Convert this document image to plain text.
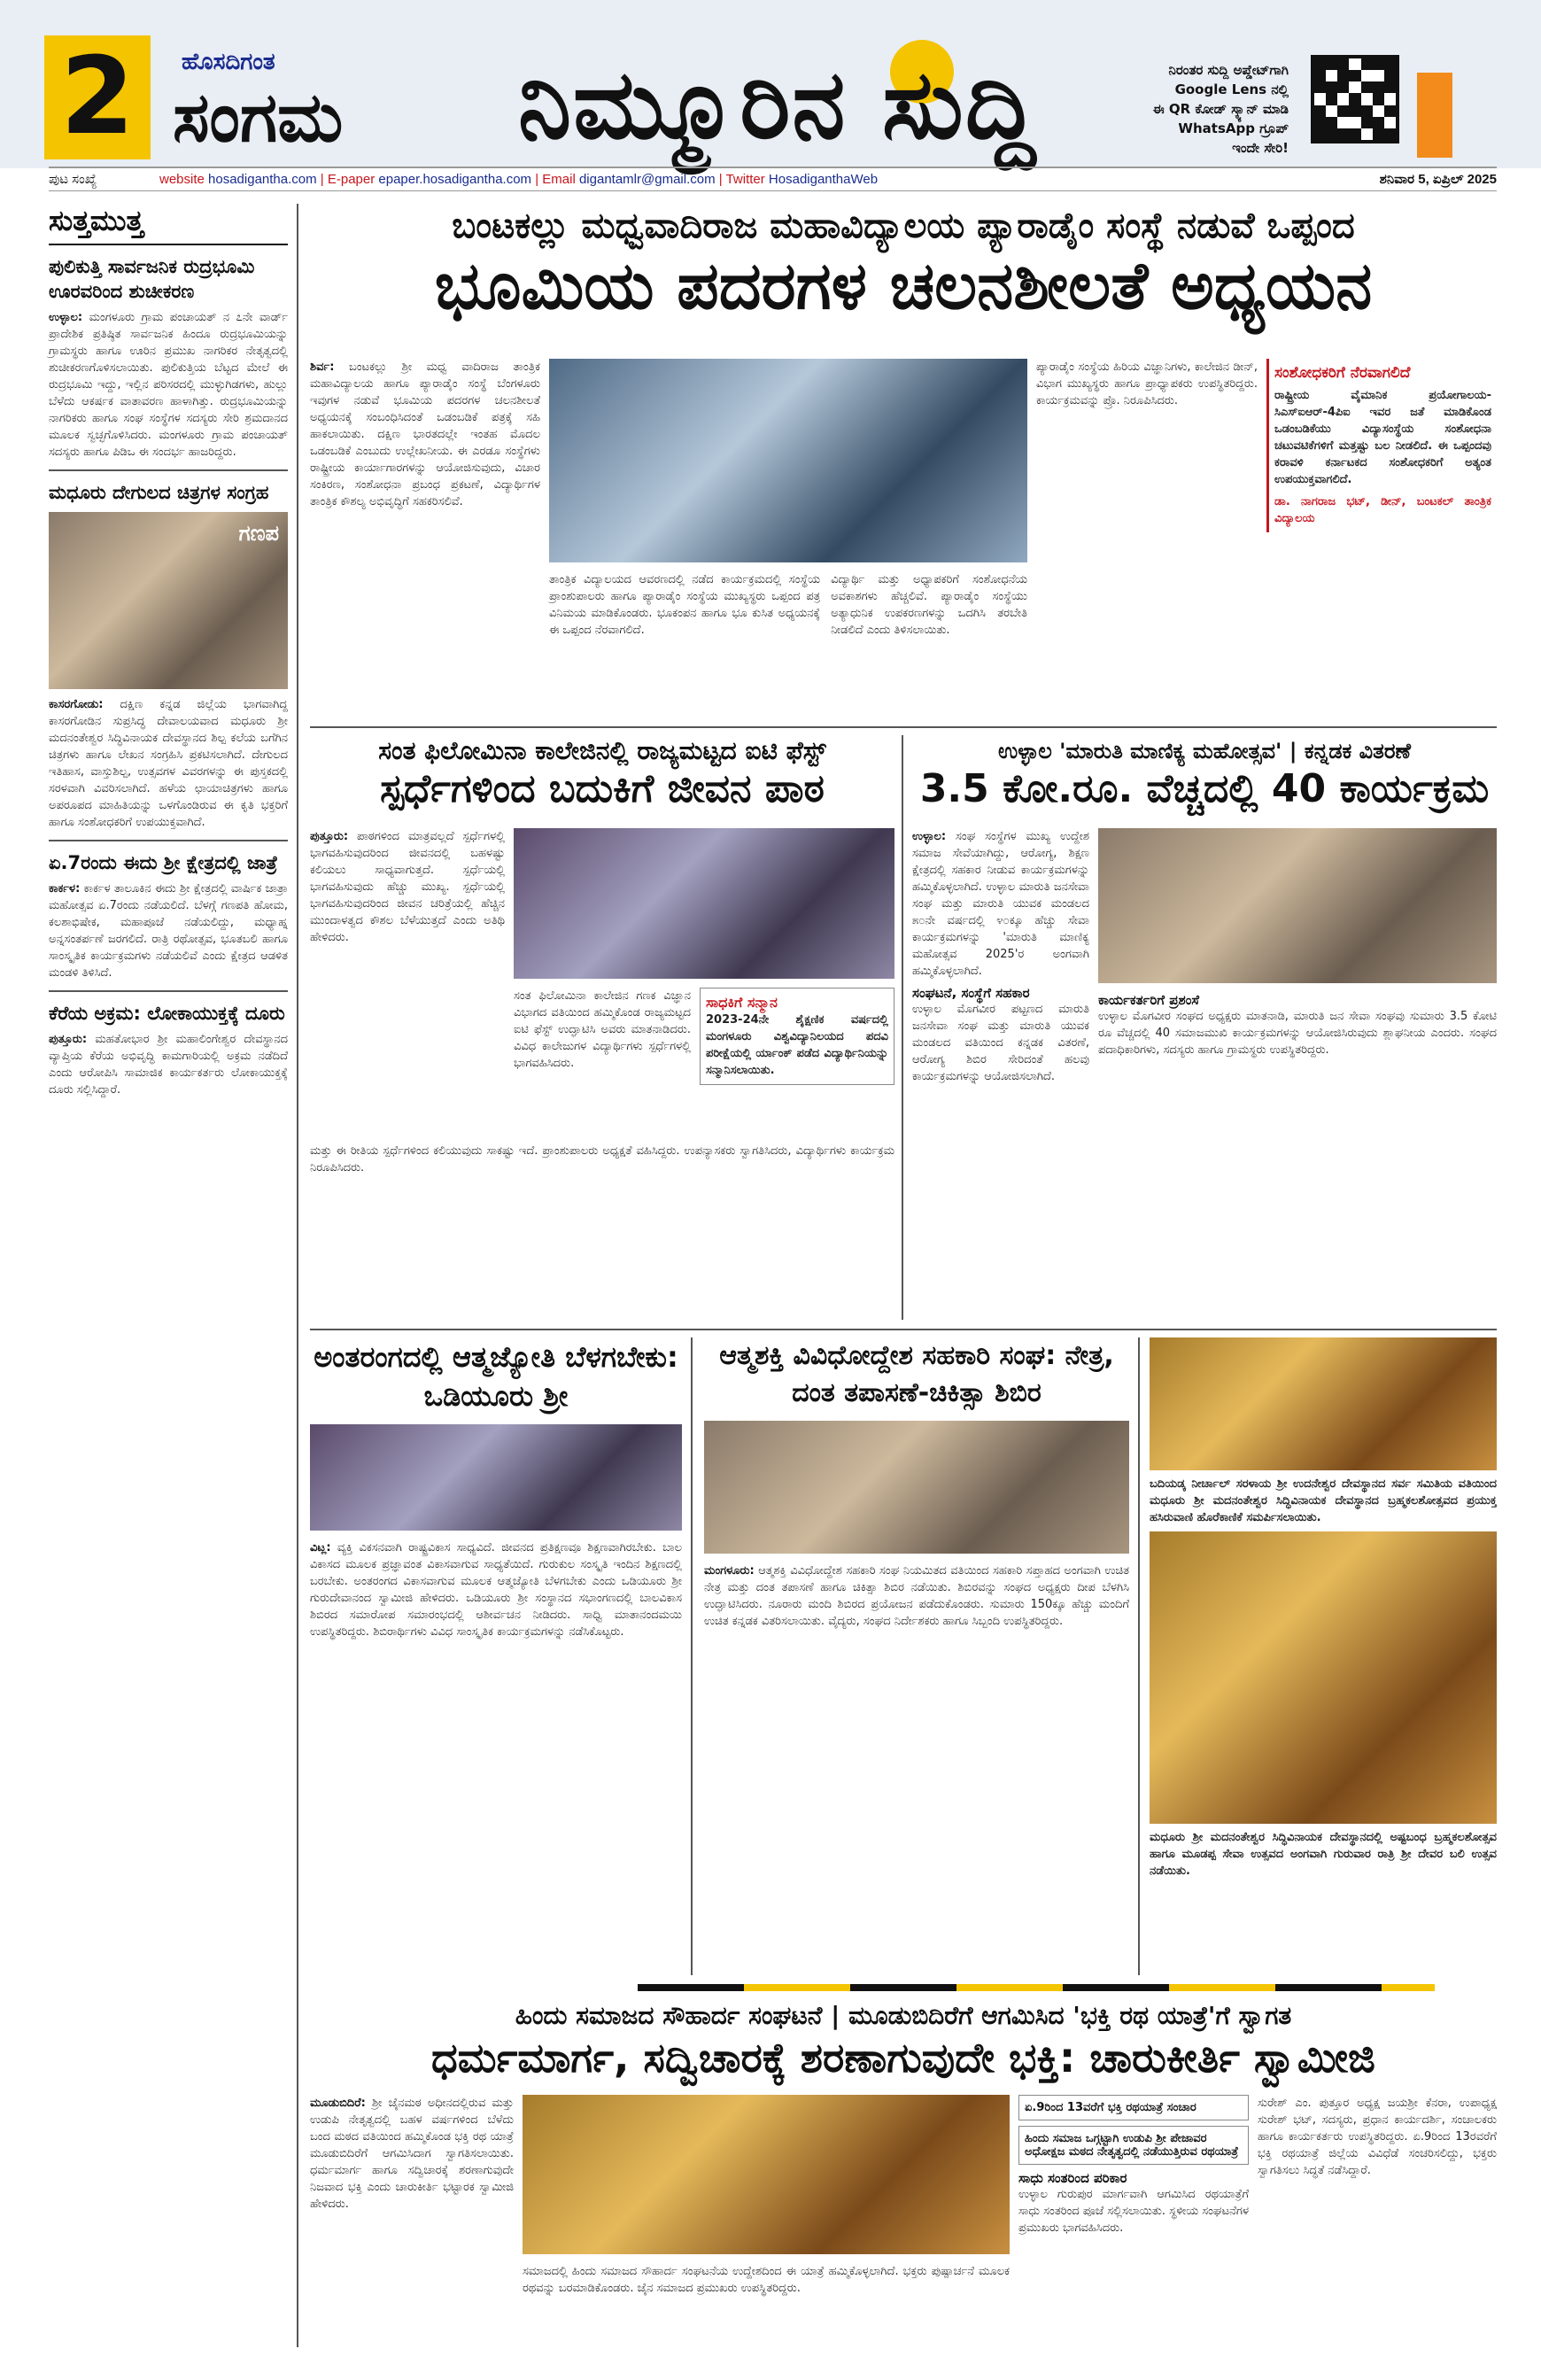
2	ಹೊಸದಿಗಂತ
ಸಂಗಮ ನಿಮ್ಮೂರಿನ ಸುದ್ದಿ	ನಿರಂತರ ಸುದ್ದಿ ಅಪ್ಡೇಟ್‌ಗಾಗಿ
Google Lens ನಲ್ಲಿ
ಈ QR ಕೋಡ್ ಸ್ಕ್ಯಾನ್ ಮಾಡಿ
WhatsApp ಗ್ರೂಪ್ ಇಂದೇ ಸೇರಿ!
ಪುಟ ಸಂಖ್ಯೆ	website hosadigantha.com | E-paper epaper.hosadigantha.com | Email digantamlr@gmail.com | Twitter HosadiganthaWeb	ಶನಿವಾರ 5, ಏಪ್ರಿಲ್ 2025
ಸುತ್ತಮುತ್ತ
ಪುಲಿಕುತ್ತಿ ಸಾರ್ವಜನಿಕ ರುದ್ರಭೂಮಿ ಊರವರಿಂದ ಶುಚೀಕರಣ

ಉಳ್ಳಾಲ: ಮಂಗಳೂರು ಗ್ರಾಮ ಪಂಚಾಯತ್ ನ ೭ನೇ ವಾರ್ಡ್ ಪ್ರಾದೇಶಿಕ ಪ್ರತಿಷ್ಠಿತ ಸಾರ್ವಜನಿಕ ಹಿಂದೂ ರುದ್ರಭೂಮಿಯನ್ನು ಗ್ರಾಮಸ್ಥರು ಹಾಗೂ ಊರಿನ ಪ್ರಮುಖ ನಾಗರಿಕರ ನೇತೃತ್ವದಲ್ಲಿ ಶುಚೀಕರಣಗೊಳಿಸಲಾಯಿತು. ಪುಲಿಕುತ್ತಿಯ ಬೆಟ್ಟದ ಮೇಲೆ ಈ ರುದ್ರಭೂಮಿ ಇದ್ದು, ಇಲ್ಲಿನ ಪರಿಸರದಲ್ಲಿ ಮುಳ್ಳುಗಿಡಗಳು, ಹುಲ್ಲು ಬೆಳೆದು ಆಕರ್ಷಕ ವಾತಾವರಣ ಹಾಳಾಗಿತ್ತು. ರುದ್ರಭೂಮಿಯನ್ನು ನಾಗರಿಕರು ಹಾಗೂ ಸಂಘ ಸಂಸ್ಥೆಗಳ ಸದಸ್ಯರು ಸೇರಿ ಶ್ರಮದಾನದ ಮೂಲಕ ಸ್ವಚ್ಛಗೊಳಿಸಿದರು. ಮಂಗಳೂರು ಗ್ರಾಮ ಪಂಚಾಯತ್ ಸದಸ್ಯರು ಹಾಗೂ ಪಿಡಿಒ ಈ ಸಂದರ್ಭ ಹಾಜರಿದ್ದರು.

ಮಧೂರು ದೇಗುಲದ ಚಿತ್ರಗಳ ಸಂಗ್ರಹ
ಗಣಪ

ಕಾಸರಗೋಡು: ದಕ್ಷಿಣ ಕನ್ನಡ ಜಿಲ್ಲೆಯ ಭಾಗವಾಗಿದ್ದ ಕಾಸರಗೋಡಿನ ಸುಪ್ರಸಿದ್ಧ ದೇವಾಲಯವಾದ ಮಧೂರು ಶ್ರೀ ಮದನಂತೇಶ್ವರ ಸಿದ್ಧಿವಿನಾಯಕ ದೇವಸ್ಥಾನದ ಶಿಲ್ಪ ಕಲೆಯ ಬಗೆಗಿನ ಚಿತ್ರಗಳು ಹಾಗೂ ಲೇಖನ ಸಂಗ್ರಹಿಸಿ ಪ್ರಕಟಿಸಲಾಗಿದೆ. ದೇಗುಲದ ಇತಿಹಾಸ, ವಾಸ್ತುಶಿಲ್ಪ, ಉತ್ಸವಗಳ ವಿವರಗಳನ್ನು ಈ ಪುಸ್ತಕದಲ್ಲಿ ಸರಳವಾಗಿ ವಿವರಿಸಲಾಗಿದೆ. ಹಳೆಯ ಛಾಯಾಚಿತ್ರಗಳು ಹಾಗೂ ಅಪರೂಪದ ಮಾಹಿತಿಯನ್ನು ಒಳಗೊಂಡಿರುವ ಈ ಕೃತಿ ಭಕ್ತರಿಗೆ ಹಾಗೂ ಸಂಶೋಧಕರಿಗೆ ಉಪಯುಕ್ತವಾಗಿದೆ.

ಏ.7ರಂದು ಈದು ಶ್ರೀ ಕ್ಷೇತ್ರದಲ್ಲಿ ಜಾತ್ರೆ

ಕಾರ್ಕಳ: ಕಾರ್ಕಳ ತಾಲೂಕಿನ ಈದು ಶ್ರೀ ಕ್ಷೇತ್ರದಲ್ಲಿ ವಾರ್ಷಿಕ ಜಾತ್ರಾ ಮಹೋತ್ಸವ ಏ.7ರಂದು ನಡೆಯಲಿದೆ. ಬೆಳಗ್ಗೆ ಗಣಪತಿ ಹೋಮ, ಕಲಶಾಭಿಷೇಕ, ಮಹಾಪೂಜೆ ನಡೆಯಲಿದ್ದು, ಮಧ್ಯಾಹ್ನ ಅನ್ನಸಂತರ್ಪಣೆ ಜರಗಲಿದೆ. ರಾತ್ರಿ ರಥೋತ್ಸವ, ಭೂತಬಲಿ ಹಾಗೂ ಸಾಂಸ್ಕೃತಿಕ ಕಾರ್ಯಕ್ರಮಗಳು ನಡೆಯಲಿವೆ ಎಂದು ಕ್ಷೇತ್ರದ ಆಡಳಿತ ಮಂಡಳಿ ತಿಳಿಸಿದೆ.

ಕೆರೆಯ ಅಕ್ರಮ: ಲೋಕಾಯುಕ್ತಕ್ಕೆ ದೂರು

ಪುತ್ತೂರು: ಮಹತೋಭಾರ ಶ್ರೀ ಮಹಾಲಿಂಗೇಶ್ವರ ದೇವಸ್ಥಾನದ ವ್ಯಾಪ್ತಿಯ ಕೆರೆಯ ಅಭಿವೃದ್ಧಿ ಕಾಮಗಾರಿಯಲ್ಲಿ ಅಕ್ರಮ ನಡೆದಿದೆ ಎಂದು ಆರೋಪಿಸಿ ಸಾಮಾಜಿಕ ಕಾರ್ಯಕರ್ತರು ಲೋಕಾಯುಕ್ತಕ್ಕೆ ದೂರು ಸಲ್ಲಿಸಿದ್ದಾರೆ.

ಬಂಟಕಲ್ಲು ಮಧ್ವವಾದಿರಾಜ ಮಹಾವಿದ್ಯಾಲಯ ಪ್ಯಾರಾಡೈಂ ಸಂಸ್ಥೆ ನಡುವೆ ಒಪ್ಪಂದ
ಭೂಮಿಯ ಪದರಗಳ ಚಲನಶೀಲತೆ ಅಧ್ಯಯನ

ಶಿರ್ವ: ಬಂಟಕಲ್ಲು ಶ್ರೀ ಮಧ್ವ ವಾದಿರಾಜ ತಾಂತ್ರಿಕ ಮಹಾವಿದ್ಯಾಲಯ ಹಾಗೂ ಪ್ಯಾರಾಡೈಂ ಸಂಸ್ಥೆ ಬೆಂಗಳೂರು ಇವುಗಳ ನಡುವೆ ಭೂಮಿಯ ಪದರಗಳ ಚಲನಶೀಲತೆ ಅಧ್ಯಯನಕ್ಕೆ ಸಂಬಂಧಿಸಿದಂತೆ ಒಡಂಬಡಿಕೆ ಪತ್ರಕ್ಕೆ ಸಹಿ ಹಾಕಲಾಯಿತು. ದಕ್ಷಿಣ ಭಾರತದಲ್ಲೇ ಇಂತಹ ಮೊದಲ ಒಡಂಬಡಿಕೆ ಎಂಬುದು ಉಲ್ಲೇಖನೀಯ. ಈ ಎರಡೂ ಸಂಸ್ಥೆಗಳು ರಾಷ್ಟ್ರೀಯ ಕಾರ್ಯಾಗಾರಗಳನ್ನು ಆಯೋಜಿಸುವುದು, ವಿಚಾರ ಸಂಕಿರಣ, ಸಂಶೋಧನಾ ಪ್ರಬಂಧ ಪ್ರಕಟಣೆ, ವಿದ್ಯಾರ್ಥಿಗಳ ತಾಂತ್ರಿಕ ಕೌಶಲ್ಯ ಅಭಿವೃದ್ಧಿಗೆ ಸಹಕರಿಸಲಿವೆ.

ತಾಂತ್ರಿಕ ವಿದ್ಯಾಲಯದ ಆವರಣದಲ್ಲಿ ನಡೆದ ಕಾರ್ಯಕ್ರಮದಲ್ಲಿ ಸಂಸ್ಥೆಯ ಪ್ರಾಂಶುಪಾಲರು ಹಾಗೂ ಪ್ಯಾರಾಡೈಂ ಸಂಸ್ಥೆಯ ಮುಖ್ಯಸ್ಥರು ಒಪ್ಪಂದ ಪತ್ರ ವಿನಿಮಯ ಮಾಡಿಕೊಂಡರು. ಭೂಕಂಪನ ಹಾಗೂ ಭೂ ಕುಸಿತ ಅಧ್ಯಯನಕ್ಕೆ ಈ ಒಪ್ಪಂದ ನೆರವಾಗಲಿದೆ.

ವಿದ್ಯಾರ್ಥಿ ಮತ್ತು ಅಧ್ಯಾಪಕರಿಗೆ ಸಂಶೋಧನೆಯ ಅವಕಾಶಗಳು ಹೆಚ್ಚಲಿವೆ. ಪ್ಯಾರಾಡೈಂ ಸಂಸ್ಥೆಯು ಅತ್ಯಾಧುನಿಕ ಉಪಕರಣಗಳನ್ನು ಒದಗಿಸಿ ತರಬೇತಿ ನೀಡಲಿದೆ ಎಂದು ತಿಳಿಸಲಾಯಿತು.

ಪ್ಯಾರಾಡೈಂ ಸಂಸ್ಥೆಯ ಹಿರಿಯ ವಿಜ್ಞಾನಿಗಳು, ಕಾಲೇಜಿನ ಡೀನ್, ವಿಭಾಗ ಮುಖ್ಯಸ್ಥರು ಹಾಗೂ ಪ್ರಾಧ್ಯಾಪಕರು ಉಪಸ್ಥಿತರಿದ್ದರು. ಕಾರ್ಯಕ್ರಮವನ್ನು ಪ್ರೊ. ನಿರೂಪಿಸಿದರು.

ಸಂಶೋಧಕರಿಗೆ ನೆರವಾಗಲಿದೆ

ರಾಷ್ಟ್ರೀಯ ವೈಮಾನಿಕ ಪ್ರಯೋಗಾಲಯ-ಸಿಎಸ್‌ಐಆರ್-4ಪಿಐ ಇವರ ಜತೆ ಮಾಡಿಕೊಂಡ ಒಡಂಬಡಿಕೆಯು ವಿದ್ಯಾಸಂಸ್ಥೆಯ ಸಂಶೋಧನಾ ಚಟುವಟಿಕೆಗಳಿಗೆ ಮತ್ತಷ್ಟು ಬಲ ನೀಡಲಿದೆ. ಈ ಒಪ್ಪಂದವು ಕರಾವಳಿ ಕರ್ನಾಟಕದ ಸಂಶೋಧಕರಿಗೆ ಅತ್ಯಂತ ಉಪಯುಕ್ತವಾಗಲಿದೆ.

ಡಾ. ನಾಗರಾಜ ಭಟ್, ಡೀನ್, ಬಂಟಕಲ್ ತಾಂತ್ರಿಕ ವಿದ್ಯಾಲಯ

ಸಂತ ಫಿಲೋಮಿನಾ ಕಾಲೇಜಿನಲ್ಲಿ ರಾಜ್ಯಮಟ್ಟದ ಐಟಿ ಫೆಸ್ಟ್
ಸ್ಪರ್ಧೆಗಳಿಂದ ಬದುಕಿಗೆ ಜೀವನ ಪಾಠ

ಪುತ್ತೂರು: ಪಾಠಗಳಿಂದ ಮಾತ್ರವಲ್ಲದೆ ಸ್ಪರ್ಧೆಗಳಲ್ಲಿ ಭಾಗವಹಿಸುವುದರಿಂದ ಜೀವನದಲ್ಲಿ ಬಹಳಷ್ಟು ಕಲಿಯಲು ಸಾಧ್ಯವಾಗುತ್ತದೆ. ಸ್ಪರ್ಧೆಯಲ್ಲಿ ಭಾಗವಹಿಸುವುದು ಹೆಚ್ಚು ಮುಖ್ಯ. ಸ್ಪರ್ಧೆಯಲ್ಲಿ ಭಾಗವಹಿಸುವುದರಿಂದ ಜೀವನ ಚರಿತ್ರೆಯಲ್ಲಿ ಹೆಚ್ಚಿನ ಮುಂದಾಳತ್ವದ ಕೌಶಲ ಬೆಳೆಯುತ್ತದೆ ಎಂದು ಅತಿಥಿ ಹೇಳಿದರು.

ಸಂತ ಫಿಲೋಮಿನಾ ಕಾಲೇಜಿನ ಗಣಕ ವಿಜ್ಞಾನ ವಿಭಾಗದ ವತಿಯಿಂದ ಹಮ್ಮಿಕೊಂಡ ರಾಜ್ಯಮಟ್ಟದ ಐಟಿ ಫೆಸ್ಟ್ ಉದ್ಘಾಟಿಸಿ ಅವರು ಮಾತನಾಡಿದರು. ವಿವಿಧ ಕಾಲೇಜುಗಳ ವಿದ್ಯಾರ್ಥಿಗಳು ಸ್ಪರ್ಧೆಗಳಲ್ಲಿ ಭಾಗವಹಿಸಿದರು.

ಸಾಧಕಿಗೆ ಸನ್ಮಾನ

2023-24ನೇ ಶೈಕ್ಷಣಿಕ ವರ್ಷದಲ್ಲಿ ಮಂಗಳೂರು ವಿಶ್ವವಿದ್ಯಾನಿಲಯದ ಪದವಿ ಪರೀಕ್ಷೆಯಲ್ಲಿ ರ್ಯಾಂಕ್ ಪಡೆದ ವಿದ್ಯಾರ್ಥಿನಿಯನ್ನು ಸನ್ಮಾನಿಸಲಾಯಿತು.

ಮತ್ತು ಈ ರೀತಿಯ ಸ್ಪರ್ಧೆಗಳಿಂದ ಕಲಿಯುವುದು ಸಾಕಷ್ಟು ಇದೆ. ಪ್ರಾಂಶುಪಾಲರು ಅಧ್ಯಕ್ಷತೆ ವಹಿಸಿದ್ದರು. ಉಪನ್ಯಾಸಕರು ಸ್ವಾಗತಿಸಿದರು, ವಿದ್ಯಾರ್ಥಿಗಳು ಕಾರ್ಯಕ್ರಮ ನಿರೂಪಿಸಿದರು.

ಉಳ್ಳಾಲ 'ಮಾರುತಿ ಮಾಣಿಕ್ಯ ಮಹೋತ್ಸವ' | ಕನ್ನಡಕ ವಿತರಣೆ
3.5 ಕೋ.ರೂ. ವೆಚ್ಚದಲ್ಲಿ 40 ಕಾರ್ಯಕ್ರಮ

ಉಳ್ಳಾಲ: ಸಂಘ ಸಂಸ್ಥೆಗಳ ಮುಖ್ಯ ಉದ್ದೇಶ ಸಮಾಜ ಸೇವೆಯಾಗಿದ್ದು, ಆರೋಗ್ಯ, ಶಿಕ್ಷಣ ಕ್ಷೇತ್ರದಲ್ಲಿ ಸಹಕಾರ ನೀಡುವ ಕಾರ್ಯಕ್ರಮಗಳನ್ನು ಹಮ್ಮಿಕೊಳ್ಳಲಾಗಿದೆ. ಉಳ್ಳಾಲ ಮಾರುತಿ ಜನಸೇವಾ ಸಂಘ ಮತ್ತು ಮಾರುತಿ ಯುವಕ ಮಂಡಲದ ೫೦ನೇ ವರ್ಷದಲ್ಲಿ ೪೦ಕ್ಕೂ ಹೆಚ್ಚು ಸೇವಾ ಕಾರ್ಯಕ್ರಮಗಳನ್ನು 'ಮಾರುತಿ ಮಾಣಿಕ್ಯ ಮಹೋತ್ಸವ 2025'ರ ಅಂಗವಾಗಿ ಹಮ್ಮಿಕೊಳ್ಳಲಾಗಿದೆ.

ಸಂಘಟನೆ, ಸಂಸ್ಥೆಗೆ ಸಹಕಾರ

ಉಳ್ಳಾಲ ಮೊಗವೀರ ಪಟ್ಟಣದ ಮಾರುತಿ ಜನಸೇವಾ ಸಂಘ ಮತ್ತು ಮಾರುತಿ ಯುವಕ ಮಂಡಲದ ವತಿಯಿಂದ ಕನ್ನಡಕ ವಿತರಣೆ, ಆರೋಗ್ಯ ಶಿಬಿರ ಸೇರಿದಂತೆ ಹಲವು ಕಾರ್ಯಕ್ರಮಗಳನ್ನು ಆಯೋಜಿಸಲಾಗಿದೆ.

ಕಾರ್ಯಕರ್ತರಿಗೆ ಪ್ರಶಂಸೆ

ಉಳ್ಳಾಲ ಮೊಗವೀರ ಸಂಘದ ಅಧ್ಯಕ್ಷರು ಮಾತನಾಡಿ, ಮಾರುತಿ ಜನ ಸೇವಾ ಸಂಘವು ಸುಮಾರು 3.5 ಕೋಟಿ ರೂ ವೆಚ್ಚದಲ್ಲಿ 40 ಸಮಾಜಮುಖಿ ಕಾರ್ಯಕ್ರಮಗಳನ್ನು ಆಯೋಜಿಸಿರುವುದು ಶ್ಲಾಘನೀಯ ಎಂದರು. ಸಂಘದ ಪದಾಧಿಕಾರಿಗಳು, ಸದಸ್ಯರು ಹಾಗೂ ಗ್ರಾಮಸ್ಥರು ಉಪಸ್ಥಿತರಿದ್ದರು.

ಅಂತರಂಗದಲ್ಲಿ ಆತ್ಮಜ್ಯೋತಿ ಬೆಳಗಬೇಕು: ಒಡಿಯೂರು ಶ್ರೀ

ವಿಟ್ಲ: ವ್ಯಕ್ತಿ ವಿಕಸನವಾಗಿ ರಾಷ್ಟ್ರವಿಕಾಸ ಸಾಧ್ಯವಿದೆ. ಜೀವನದ ಪ್ರತಿಕ್ಷಣವೂ ಶಿಕ್ಷಣವಾಗಿರಬೇಕು. ಬಾಲ ವಿಕಾಸದ ಮೂಲಕ ಪ್ರಜ್ಞಾವಂತ ವಿಕಾಸವಾಗುವ ಸಾಧ್ಯತೆಯಿದೆ. ಗುರುಕುಲ ಸಂಸ್ಕೃತಿ ಇಂದಿನ ಶಿಕ್ಷಣದಲ್ಲಿ ಬರಬೇಕು. ಅಂತರಂಗದ ವಿಕಾಸವಾಗುವ ಮೂಲಕ ಆತ್ಮಜ್ಯೋತಿ ಬೆಳಗಬೇಕು ಎಂದು ಒಡಿಯೂರು ಶ್ರೀ ಗುರುದೇವಾನಂದ ಸ್ವಾಮೀಜಿ ಹೇಳಿದರು. ಒಡಿಯೂರು ಶ್ರೀ ಸಂಸ್ಥಾನದ ಸಭಾಂಗಣದಲ್ಲಿ ಬಾಲವಿಕಾಸ ಶಿಬಿರದ ಸಮಾರೋಪ ಸಮಾರಂಭದಲ್ಲಿ ಆಶೀರ್ವಚನ ನೀಡಿದರು. ಸಾಧ್ವಿ ಮಾತಾನಂದಮಯಿ ಉಪಸ್ಥಿತರಿದ್ದರು. ಶಿಬಿರಾರ್ಥಿಗಳು ವಿವಿಧ ಸಾಂಸ್ಕೃತಿಕ ಕಾರ್ಯಕ್ರಮಗಳನ್ನು ನಡೆಸಿಕೊಟ್ಟರು.

ಆತ್ಮಶಕ್ತಿ ವಿವಿಧೋದ್ದೇಶ ಸಹಕಾರಿ ಸಂಘ: ನೇತ್ರ, ದಂತ ತಪಾಸಣೆ-ಚಿಕಿತ್ಸಾ ಶಿಬಿರ

ಮಂಗಳೂರು: ಆತ್ಮಶಕ್ತಿ ವಿವಿಧೋದ್ದೇಶ ಸಹಕಾರಿ ಸಂಘ ನಿಯಮಿತದ ವತಿಯಿಂದ ಸಹಕಾರಿ ಸಪ್ತಾಹದ ಅಂಗವಾಗಿ ಉಚಿತ ನೇತ್ರ ಮತ್ತು ದಂತ ತಪಾಸಣೆ ಹಾಗೂ ಚಿಕಿತ್ಸಾ ಶಿಬಿರ ನಡೆಯಿತು. ಶಿಬಿರವನ್ನು ಸಂಘದ ಅಧ್ಯಕ್ಷರು ದೀಪ ಬೆಳಗಿಸಿ ಉದ್ಘಾಟಿಸಿದರು. ನೂರಾರು ಮಂದಿ ಶಿಬಿರದ ಪ್ರಯೋಜನ ಪಡೆದುಕೊಂಡರು. ಸುಮಾರು 150ಕ್ಕೂ ಹೆಚ್ಚು ಮಂದಿಗೆ ಉಚಿತ ಕನ್ನಡಕ ವಿತರಿಸಲಾಯಿತು. ವೈದ್ಯರು, ಸಂಘದ ನಿರ್ದೇಶಕರು ಹಾಗೂ ಸಿಬ್ಬಂದಿ ಉಪಸ್ಥಿತರಿದ್ದರು.

ಬದಿಯಡ್ಕ ನೀರ್ಚಾಲ್ ಸರಳಾಯ ಶ್ರೀ ಉದನೇಶ್ವರ ದೇವಸ್ಥಾನದ ಸರ್ವ ಸಮಿತಿಯ ವತಿಯಿಂದ ಮಧೂರು ಶ್ರೀ ಮದನಂತೇಶ್ವರ ಸಿದ್ಧಿವಿನಾಯಕ ದೇವಸ್ಥಾನದ ಬ್ರಹ್ಮಕಲಶೋತ್ಸವದ ಪ್ರಯುಕ್ತ ಹಸಿರುವಾಣಿ ಹೊರೆಕಾಣಿಕೆ ಸಮರ್ಪಿಸಲಾಯಿತು.

ಮಧೂರು ಶ್ರೀ ಮದನಂತೇಶ್ವರ ಸಿದ್ಧಿವಿನಾಯಕ ದೇವಸ್ಥಾನದಲ್ಲಿ ಅಷ್ಟಬಂಧ ಬ್ರಹ್ಮಕಲಶೋತ್ಸವ ಹಾಗೂ ಮೂಡಪ್ಪ ಸೇವಾ ಉತ್ಸವದ ಅಂಗವಾಗಿ ಗುರುವಾರ ರಾತ್ರಿ ಶ್ರೀ ದೇವರ ಬಲಿ ಉತ್ಸವ ನಡೆಯಿತು.

ಹಿಂದು ಸಮಾಜದ ಸೌಹಾರ್ದ ಸಂಘಟನೆ | ಮೂಡುಬಿದಿರೆಗೆ ಆಗಮಿಸಿದ 'ಭಕ್ತಿ ರಥ ಯಾತ್ರೆ'ಗೆ ಸ್ವಾಗತ
ಧರ್ಮಮಾರ್ಗ, ಸದ್ವಿಚಾರಕ್ಕೆ ಶರಣಾಗುವುದೇ ಭಕ್ತಿ: ಚಾರುಕೀರ್ತಿ ಸ್ವಾಮೀಜಿ

ಮೂಡುಬಿದಿರೆ: ಶ್ರೀ ಜೈನಮಠ ಅಧೀನದಲ್ಲಿರುವ ಮತ್ತು ಉಡುಪಿ ನೇತೃತ್ವದಲ್ಲಿ ಬಹಳ ವರ್ಷಗಳಿಂದ ಬೆಳೆದು ಬಂದ ಮಠದ ವತಿಯಿಂದ ಹಮ್ಮಿಕೊಂಡ ಭಕ್ತಿ ರಥ ಯಾತ್ರೆ ಮೂಡುಬಿದಿರೆಗೆ ಆಗಮಿಸಿದಾಗ ಸ್ವಾಗತಿಸಲಾಯಿತು. ಧರ್ಮಮಾರ್ಗ ಹಾಗೂ ಸದ್ವಿಚಾರಕ್ಕೆ ಶರಣಾಗುವುದೇ ನಿಜವಾದ ಭಕ್ತಿ ಎಂದು ಚಾರುಕೀರ್ತಿ ಭಟ್ಟಾರಕ ಸ್ವಾಮೀಜಿ ಹೇಳಿದರು.

ಸಮಾಜದಲ್ಲಿ ಹಿಂದು ಸಮಾಜದ ಸೌಹಾರ್ದ ಸಂಘಟನೆಯ ಉದ್ದೇಶದಿಂದ ಈ ಯಾತ್ರೆ ಹಮ್ಮಿಕೊಳ್ಳಲಾಗಿದೆ. ಭಕ್ತರು ಪುಷ್ಪಾರ್ಚನೆ ಮೂಲಕ ರಥವನ್ನು ಬರಮಾಡಿಕೊಂಡರು. ಜೈನ ಸಮಾಜದ ಪ್ರಮುಖರು ಉಪಸ್ಥಿತರಿದ್ದರು.

ಏ.9ರಿಂದ 13ವರೆಗೆ ಭಕ್ತಿ ರಥಯಾತ್ರೆ ಸಂಚಾರ
ಹಿಂದು ಸಮಾಜ ಒಗ್ಗಟ್ಟಾಗಿ ಉಡುಪಿ ಶ್ರೀ ಪೇಜಾವರ ಅಧೋಕ್ಷಜ ಮಠದ ನೇತೃತ್ವದಲ್ಲಿ ನಡೆಯುತ್ತಿರುವ ರಥಯಾತ್ರೆ
ಸಾಧು ಸಂತರಿಂದ ಪರಿಕಾರ

ಉಳ್ಳಾಲ ಗುರುಪುರ ಮಾರ್ಗವಾಗಿ ಆಗಮಿಸಿದ ರಥಯಾತ್ರೆಗೆ ಸಾಧು ಸಂತರಿಂದ ಪೂಜೆ ಸಲ್ಲಿಸಲಾಯಿತು. ಸ್ಥಳೀಯ ಸಂಘಟನೆಗಳ ಪ್ರಮುಖರು ಭಾಗವಹಿಸಿದರು.

ಸುರೇಶ್ ಎಂ. ಪುತ್ತೂರ ಅಧ್ಯಕ್ಷ ಜಯಶ್ರೀ ಕೆನರಾ, ಉಪಾಧ್ಯಕ್ಷ ಸುರೇಶ್ ಭಟ್, ಸದಸ್ಯರು, ಪ್ರಧಾನ ಕಾರ್ಯದರ್ಶಿ, ಸಂಚಾಲಕರು ಹಾಗೂ ಕಾರ್ಯಕರ್ತರು ಉಪಸ್ಥಿತರಿದ್ದರು. ಏ.9ರಿಂದ 13ರವರೆಗೆ ಭಕ್ತಿ ರಥಯಾತ್ರೆ ಜಿಲ್ಲೆಯ ವಿವಿಧೆಡೆ ಸಂಚರಿಸಲಿದ್ದು, ಭಕ್ತರು ಸ್ವಾಗತಿಸಲು ಸಿದ್ಧತೆ ನಡೆಸಿದ್ದಾರೆ.
